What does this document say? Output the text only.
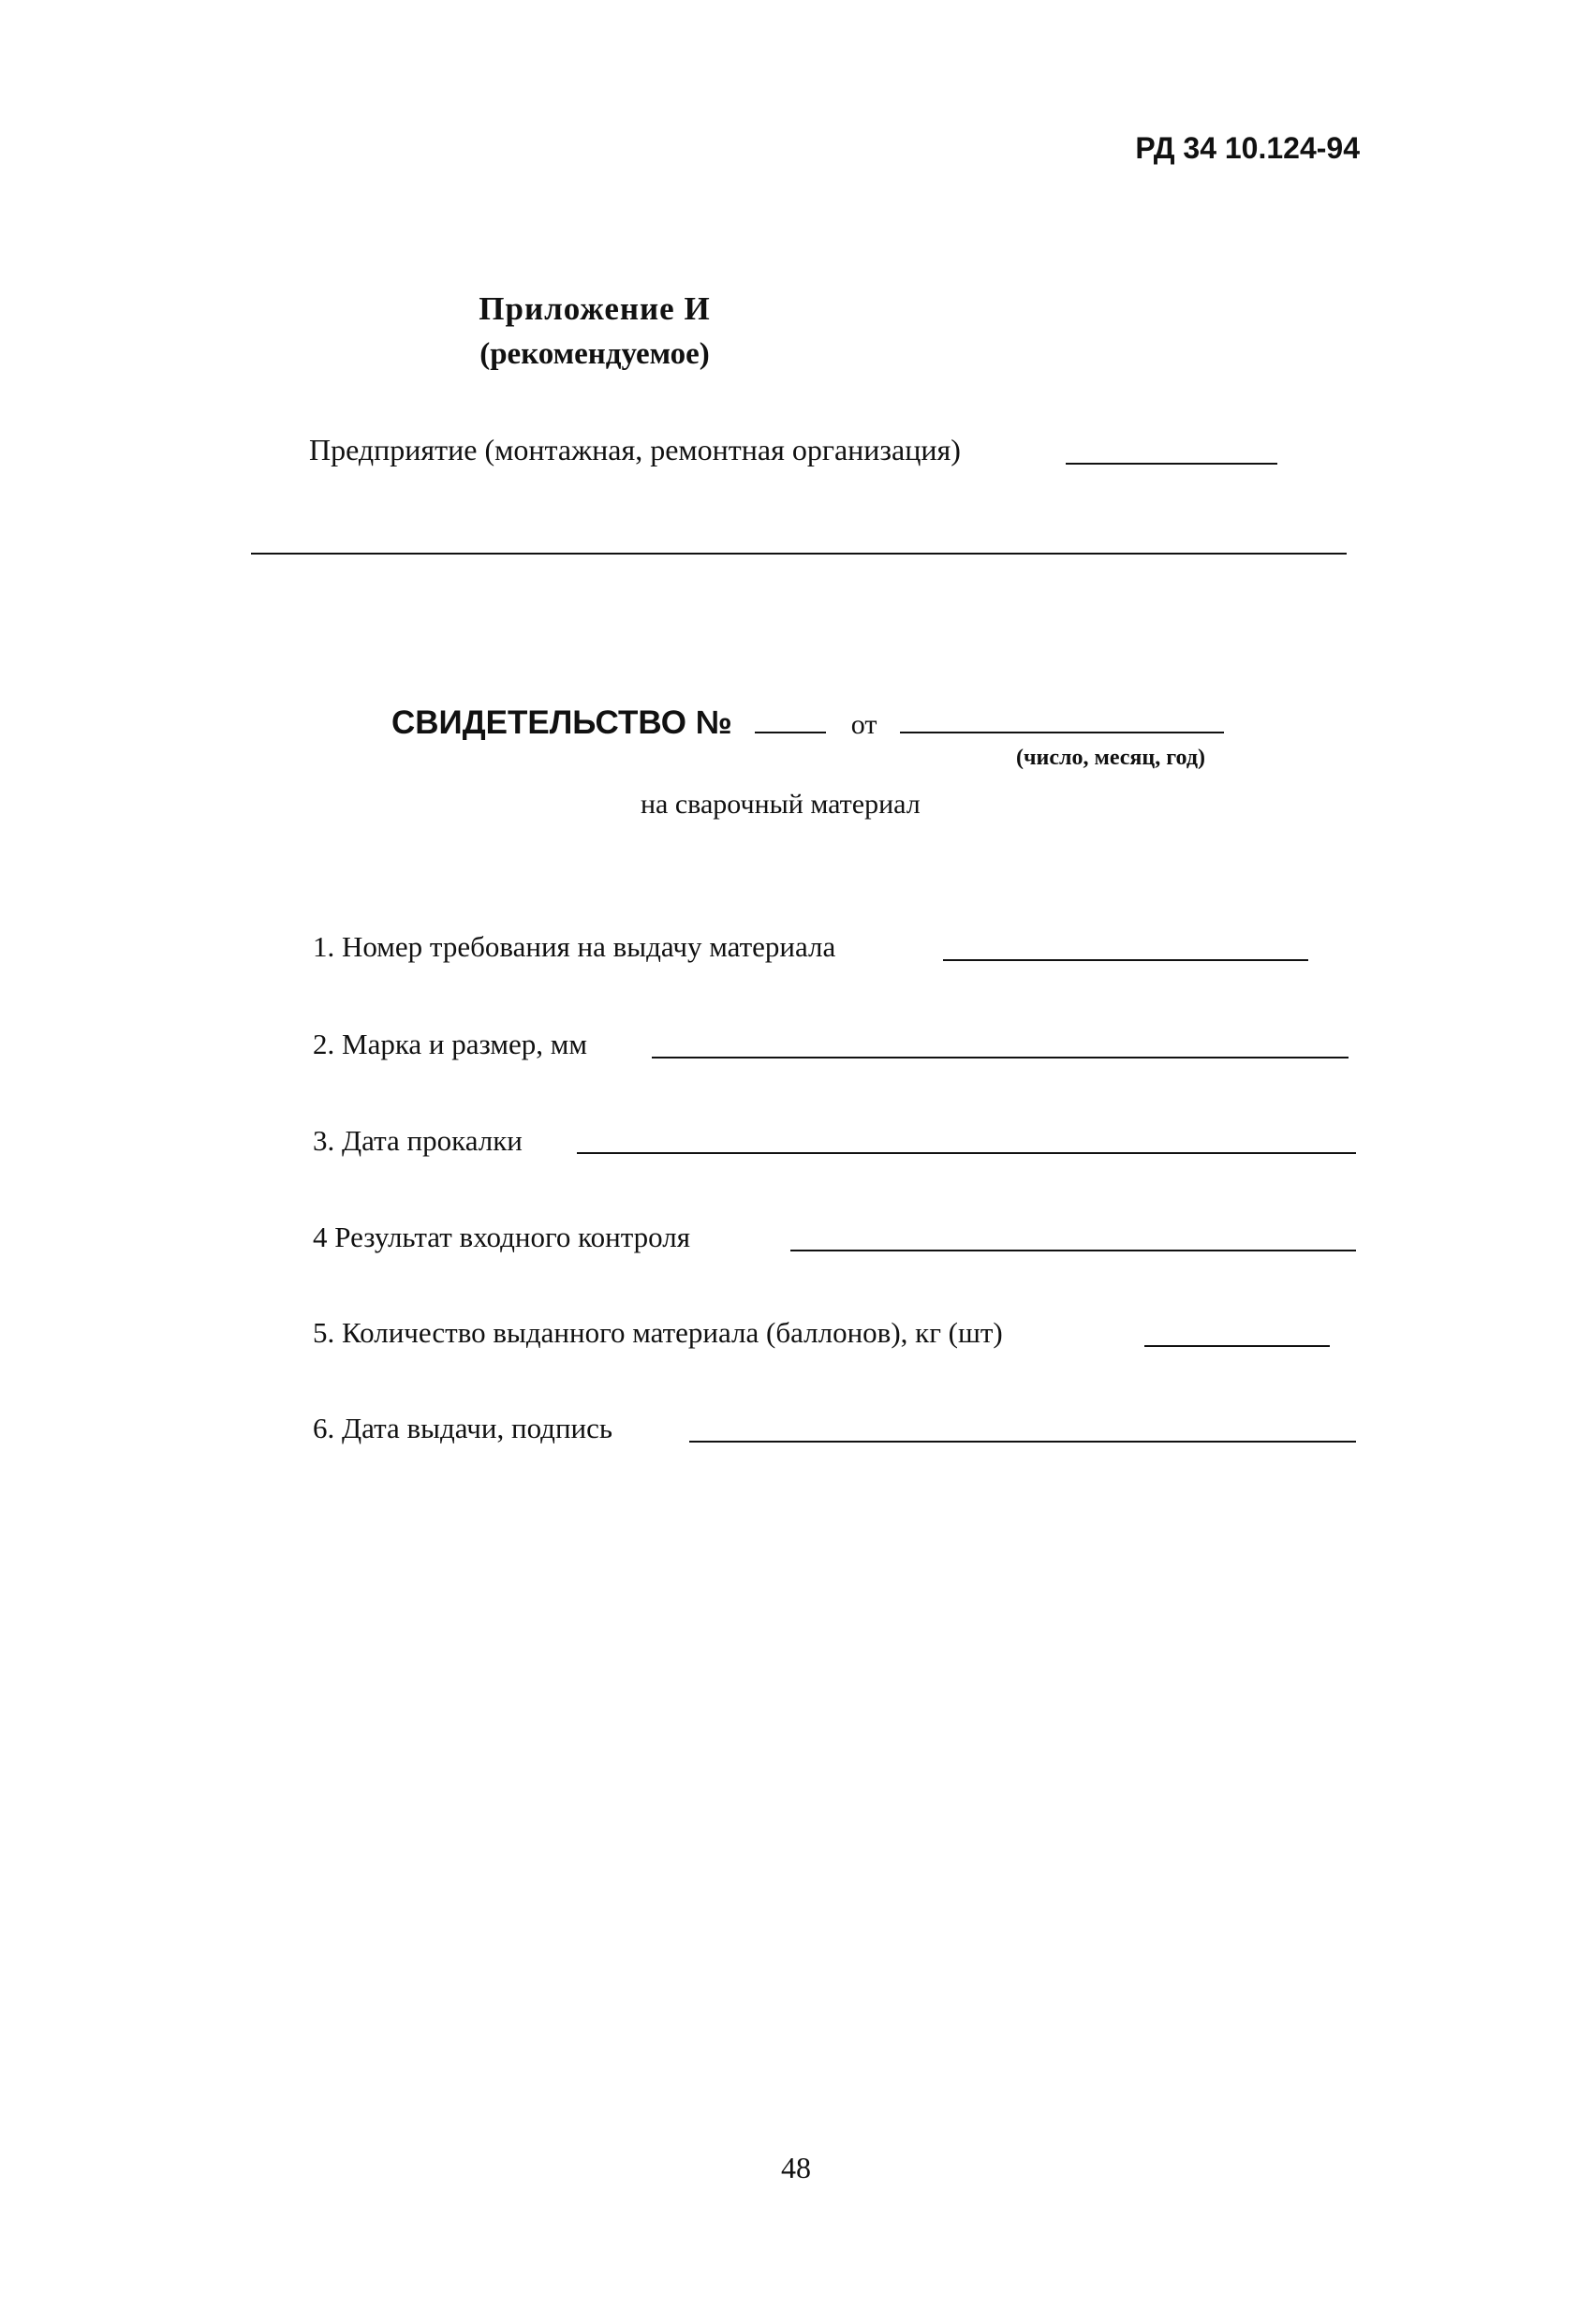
РД 34 10.124-94
Приложение И
(рекомендуемое)
Предприятие (монтажная, ремонтная организация)
СВИДЕТЕЛЬСТВО №	от
(число, месяц, год)
на сварочный материал
1. Номер требования на выдачу материала
2. Марка и размер, мм
3. Дата прокалки
4 Результат входного контроля
5. Количество выданного материала (баллонов), кг (шт)
6. Дата выдачи, подпись
48
